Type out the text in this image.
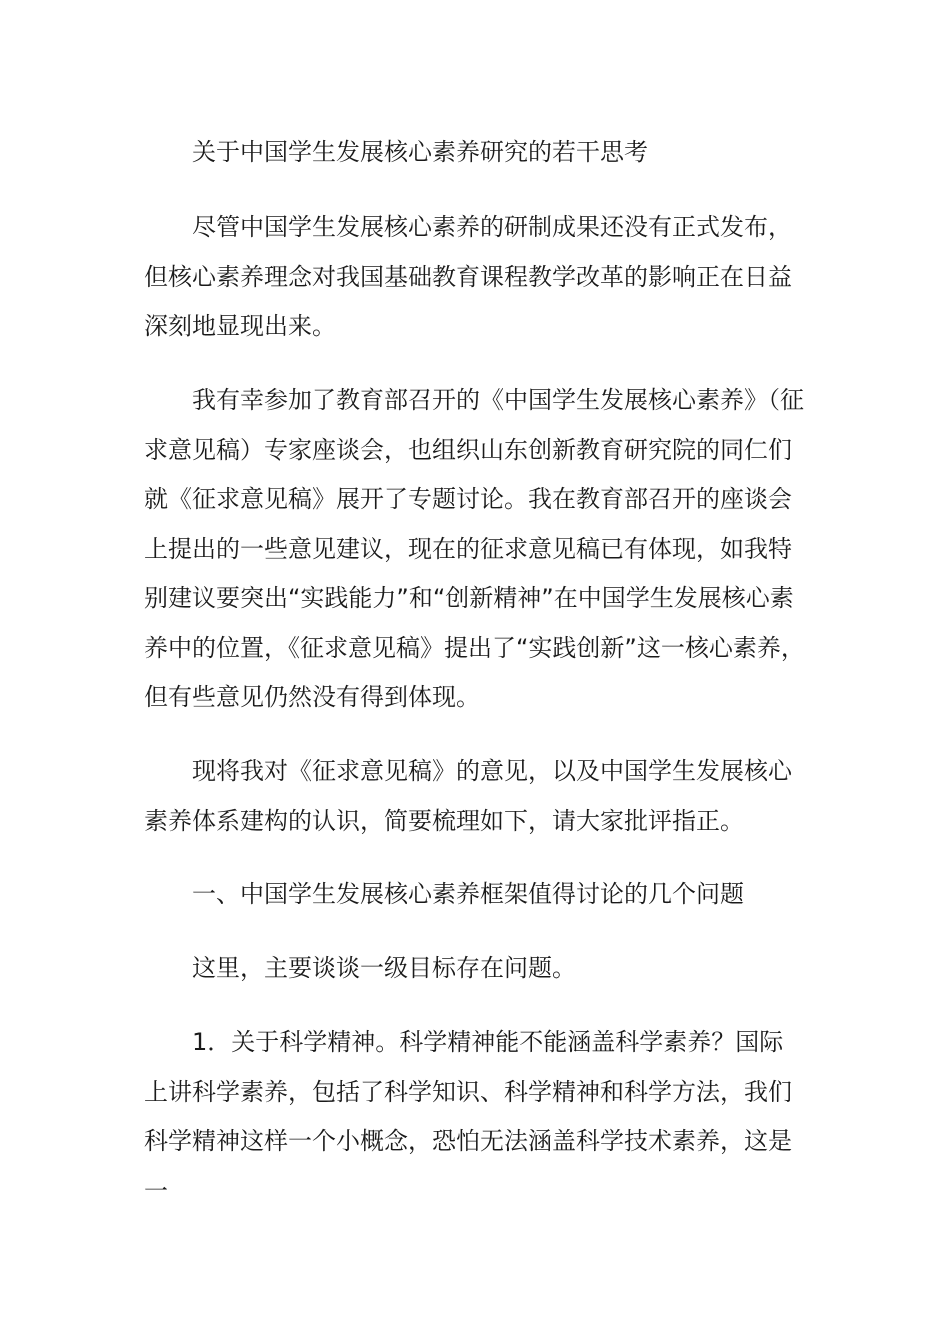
关于中国学生发展核心素养研究的若干思考

尽管中国学生发展核心素养的研制成果还没有正式发布，但核心素养理念对我国基础教育课程教学改革的影响正在日益深刻地显现出来。

我有幸参加了教育部召开的《中国学生发展核心素养》（征求意见稿）专家座谈会，也组织山东创新教育研究院的同仁们就《征求意见稿》展开了专题讨论。我在教育部召开的座谈会上提出的一些意见建议，现在的征求意见稿已有体现，如我特别建议要突出“实践能力”和“创新精神”在中国学生发展核心素养中的位置，《征求意见稿》提出了“实践创新”这一核心素养，但有些意见仍然没有得到体现。

现将我对《征求意见稿》的意见，以及中国学生发展核心素养体系建构的认识，简要梳理如下，请大家批评指正。

一、中国学生发展核心素养框架值得讨论的几个问题

这里，主要谈谈一级目标存在问题。

1．关于科学精神。科学精神能不能涵盖科学素养？国际上讲科学素养，包括了科学知识、科学精神和科学方法，我们科学精神这样一个小概念，恐怕无法涵盖科学技术素养，这是一
